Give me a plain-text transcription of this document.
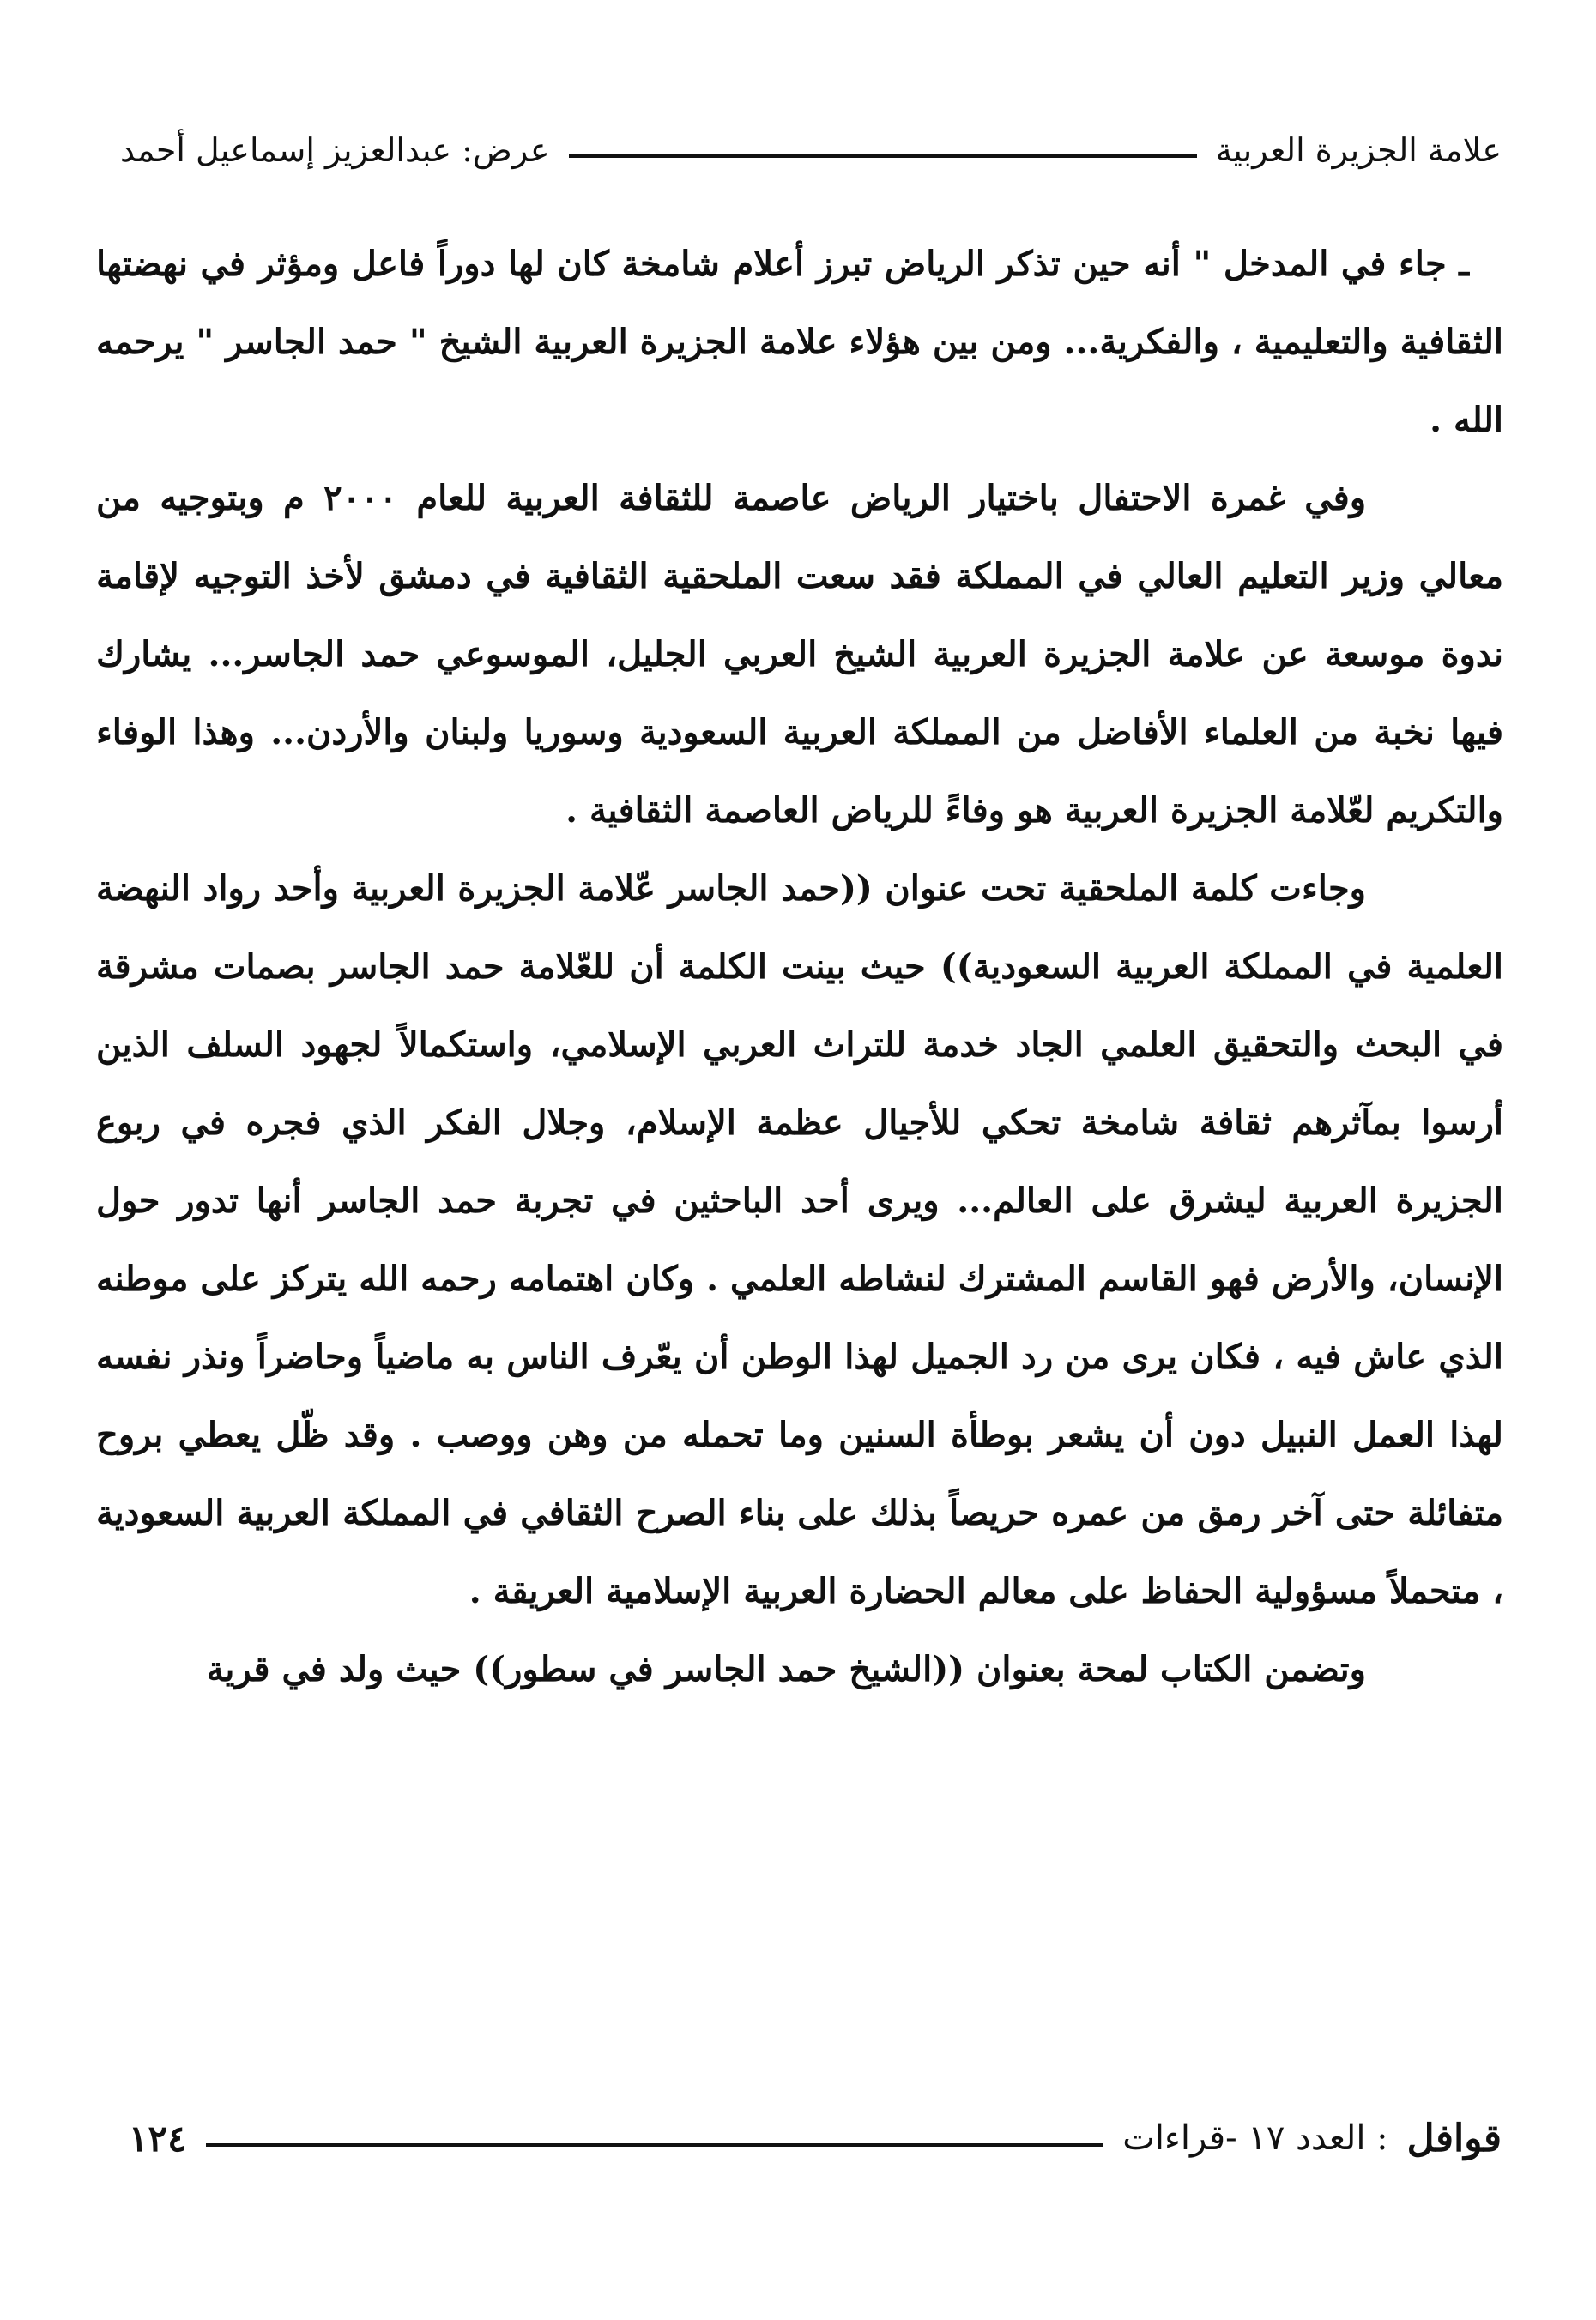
علامة الجزيرة العربية
عرض: عبدالعزيز إسماعيل أحمد

ـ جاء في المدخل " أنه حين تذكر الرياض تبرز أعلام شامخة كان لها دوراً فاعل ومؤثر في نهضتها الثقافية والتعليمية ، والفكرية... ومن بين هؤلاء علامة الجزيرة العربية الشيخ " حمد الجاسر " يرحمه الله .

وفي غمرة الاحتفال باختيار الرياض عاصمة للثقافة العربية للعام ٢٠٠٠ م وبتوجيه من معالي وزير التعليم العالي في المملكة فقد سعت الملحقية الثقافية في دمشق لأخذ التوجيه لإقامة ندوة موسعة عن علامة الجزيرة العربية الشيخ العربي الجليل، الموسوعي حمد الجاسر... يشارك فيها نخبة من العلماء الأفاضل من المملكة العربية السعودية وسوريا ولبنان والأردن... وهذا الوفاء والتكريم لعّلامة الجزيرة العربية هو وفاءً للرياض العاصمة الثقافية .

وجاءت كلمة الملحقية تحت عنوان ((حمد الجاسر عّلامة الجزيرة العربية وأحد رواد النهضة العلمية في المملكة العربية السعودية)) حيث بينت الكلمة أن للعّلامة حمد الجاسر بصمات مشرقة في البحث والتحقيق العلمي الجاد خدمة للتراث العربي الإسلامي، واستكمالاً لجهود السلف الذين أرسوا بمآثرهم ثقافة شامخة تحكي للأجيال عظمة الإسلام، وجلال الفكر الذي فجره في ربوع الجزيرة العربية ليشرق على العالم... ويرى أحد الباحثين في تجربة حمد الجاسر أنها تدور حول الإنسان، والأرض فهو القاسم المشترك لنشاطه العلمي . وكان اهتمامه رحمه الله يتركز على موطنه الذي عاش فيه ، فكان يرى من رد الجميل لهذا الوطن أن يعّرف الناس به ماضياً وحاضراً ونذر نفسه لهذا العمل النبيل دون أن يشعر بوطأة السنين وما تحمله من وهن ووصب . وقد ظّل يعطي بروح متفائلة حتى آخر رمق من عمره حريصاً بذلك على بناء الصرح الثقافي في المملكة العربية السعودية ، متحملاً مسؤولية الحفاظ على معالم الحضارة العربية الإسلامية العريقة .

وتضمن الكتاب لمحة بعنوان ((الشيخ حمد الجاسر في سطور)) حيث ولد في قرية

قوافل
: العدد ١٧ -قراءات
١٢٤
